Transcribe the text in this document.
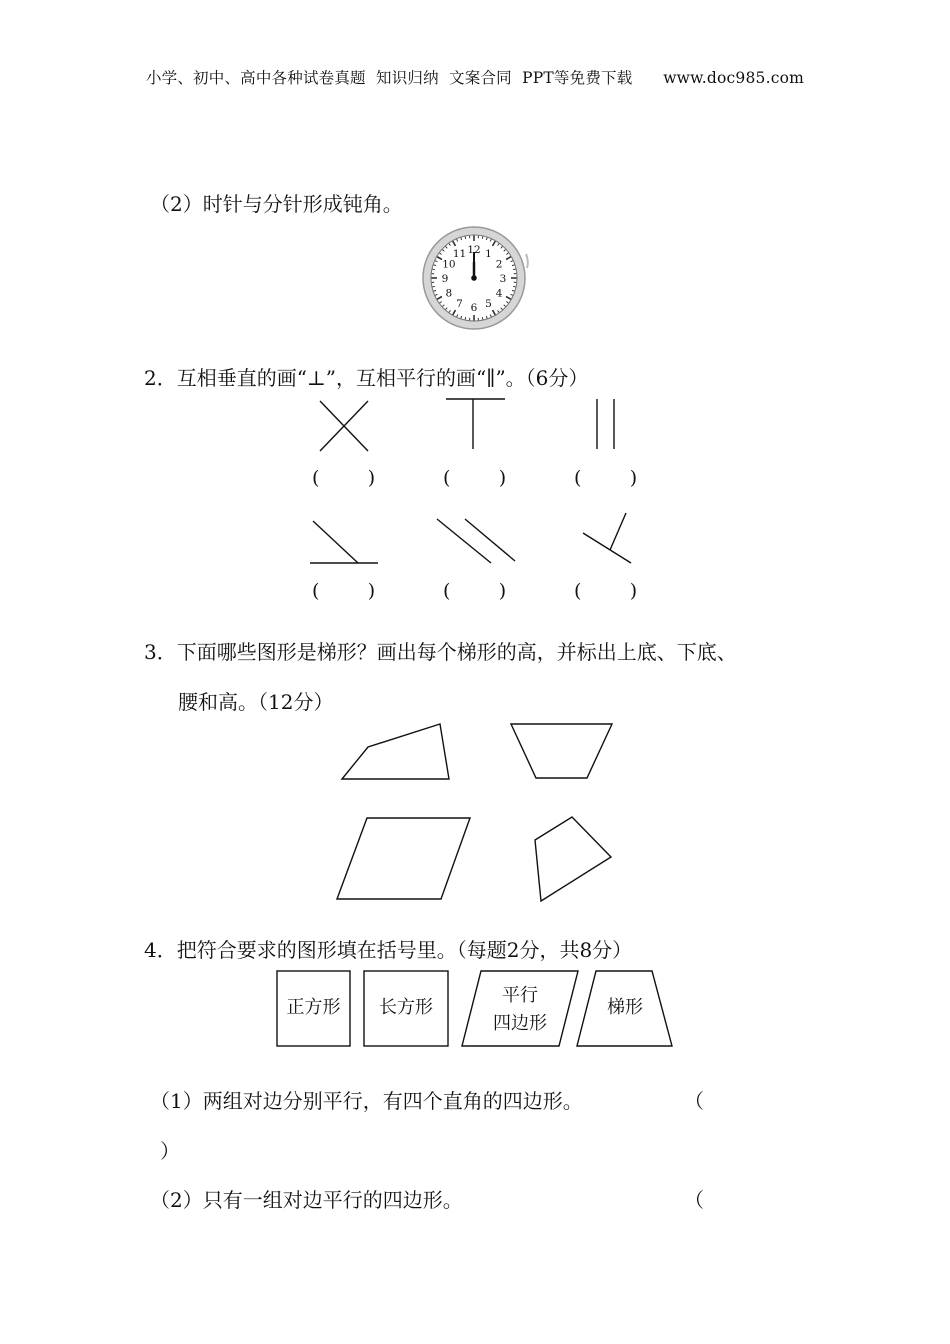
小学、初中、高中各种试卷真题  知识归纳  文案合同  PPT等免费下载 www.doc985.com
（2）时针与分针形成钝角。
12 1
2
3
4
5
6
7
8
9
10
11
2．互相垂直的画“⊥”，互相平行的画“∥”。（6分）
(        )	(        )	(        )
(        )	(        )	(        )
3．下面哪些图形是梯形？画出每个梯形的高，并标出上底、下底、
腰和高。（12分）
4．把符合要求的图形填在括号里。（每题2分，共8分）
正方形	长方形
平行
四边形
梯形
（1）两组对边分别平行，有四个直角的四边形。	（
）
（2）只有一组对边平行的四边形。	（
